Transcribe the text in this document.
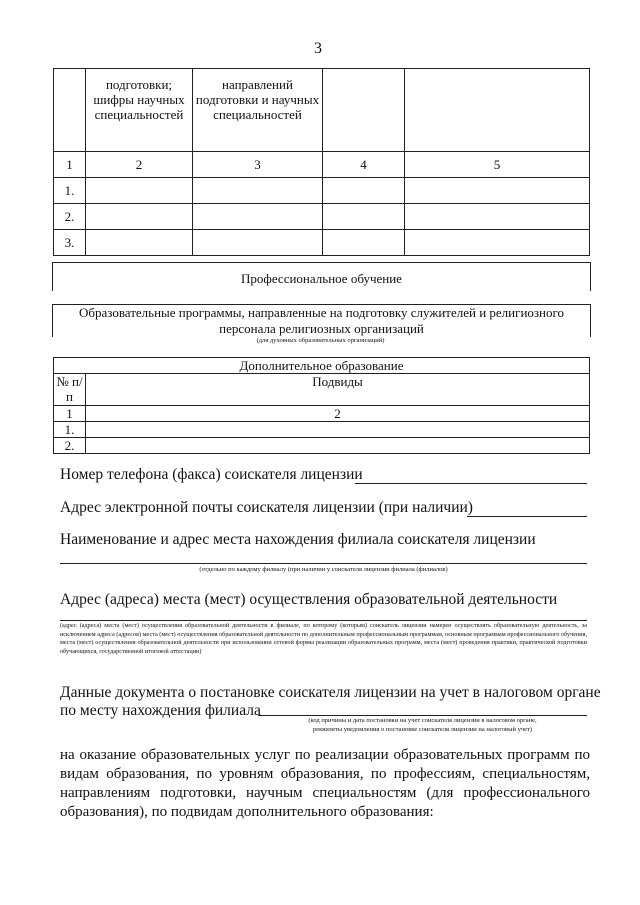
3
	подготовки; шифры научных специальностей	направлений подготовки и научных специальностей		
1	2	3	4	5
1.				
2.				
3.				
Профессиональное обучение
Образовательные программы, направленные на подготовку служителей и религиозного персонала религиозных организаций
(для духовных образовательных организаций)
Дополнительное образование	
№ п/п	Подвиды
1	2
1.	
2.	
Номер телефона (факса) соискателя лицензии
Адрес электронной почты соискателя лицензии (при наличии)
Наименование и адрес места нахождения филиала соискателя лицензии
(отдельно по каждому филиалу (при наличии у соискателя лицензии филиала (филиалов)
Адрес (адреса) места (мест) осуществления образовательной деятельности
(адрес (адреса) места (мест) осуществления образовательной деятельности в филиале, по которому (которым) соискатель лицензии намерен осуществлять образовательную деятельность, за исключением адреса (адресов) места (мест) осуществления образовательной деятельности по дополнительным профессиональным программам, основным программам профессионального обучения, места (мест) осуществления образовательной деятельности при использовании сетевой формы реализации образовательных программ, места (мест) проведения практики, практической подготовки обучающихся, государственной итоговой аттестации)
Данные документа о постановке соискателя лицензии на учет в налоговом органе
по месту нахождения филиала
(код причины и дата постановки на учет соискателя лицензии в налоговом органе,
реквизиты уведомления о постановке соискателя лицензии на налоговый учет)
на оказание образовательных услуг по реализации образовательных программ по видам образования, по уровням образования, по профессиям, специальностям, направлениям подготовки, научным специальностям (для профессионального образования), по подвидам дополнительного образования:
